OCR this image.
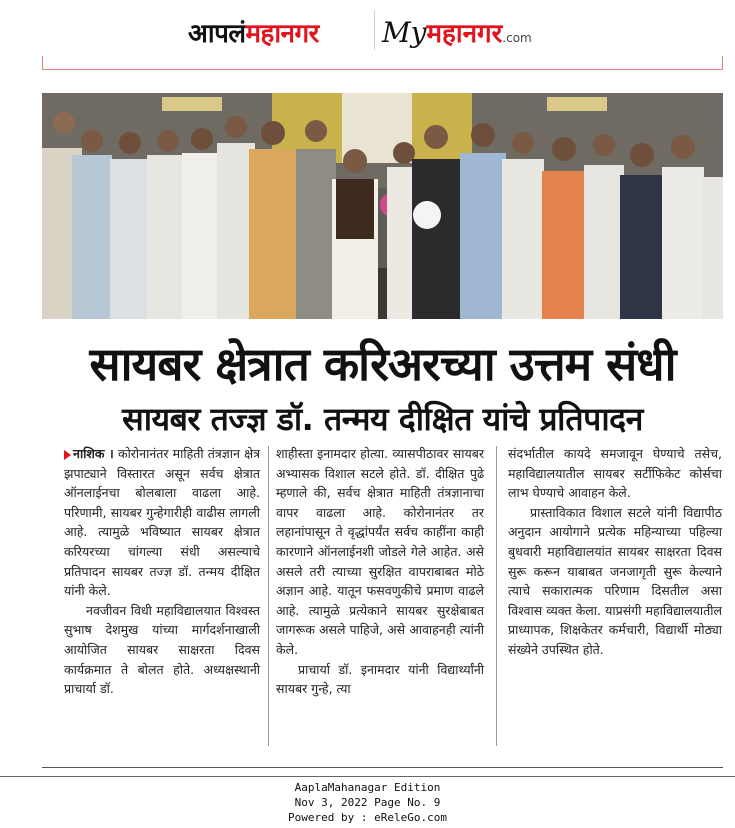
आपलंमहानगर Myमहानगर.com
सायबर क्षेत्रात करिअरच्या उत्तम संधी
सायबर तज्ज्ञ डॉ. तन्मय दीक्षित यांचे प्रतिपादन

नाशिक । कोरोनानंतर माहिती तंत्रज्ञान क्षेत्र झपाट्याने विस्तारत असून सर्वच क्षेत्रात ऑनलाईनचा बोलबाला वाढला आहे. परिणामी, सायबर गुन्हेगारीही वाढीस लागली आहे. त्यामुळे भविष्यात सायबर क्षेत्रात करियरच्या चांगल्या संधी असल्याचे प्रतिपादन सायबर तज्ज्ञ डॉ. तन्मय दीक्षित यांनी केले.

नवजीवन विधी महाविद्यालयात विश्वस्त सुभाष देशमुख यांच्या मार्गदर्शनाखाली आयोजित सायबर साक्षरता दिवस कार्यक्रमात ते बोलत होते. अध्यक्षस्थानी प्राचार्या डॉ.

शाहीस्ता इनामदार होत्या. व्यासपीठावर सायबर अभ्यासक विशाल सटले होते. डॉ. दीक्षित पुढे म्हणाले की, सर्वच क्षेत्रात माहिती तंत्रज्ञानाचा वापर वाढला आहे. कोरोनानंतर तर लहानांपासून ते वृद्धांपर्यंत सर्वच काहींना काही कारणाने ऑनलाईनशी जोडले गेले आहेत. असे असले तरी त्याच्या सुरक्षित वापराबाबत मोठे अज्ञान आहे. यातून फसवणुकीचे प्रमाण वाढले आहे. त्यामुळे प्रत्येकाने सायबर सुरक्षेबाबत जागरूक असले पाहिजे, असे आवाहनही त्यांनी केले.

प्राचार्या डॉ. इनामदार यांनी विद्यार्थ्यांनी सायबर गुन्हे, त्या

संदर्भातील कायदे समजावून घेण्याचे तसेच, महाविद्यालयातील सायबर सर्टीफिकेट कोर्सचा लाभ घेण्याचे आवाहन केले.

प्रास्ताविकात विशाल सटले यांनी विद्यापीठ अनुदान आयोगाने प्रत्येक महिन्याच्या पहिल्या बुधवारी महाविद्यालयांत सायबर साक्षरता दिवस सुरू करून याबाबत जनजागृती सुरू केल्याने त्याचे सकारात्मक परिणाम दिसतील असा विश्वास व्यक्त केला. याप्रसंगी महाविद्यालयातील प्राध्यापक, शिक्षकेतर कर्मचारी, विद्यार्थी मोठ्या संख्येने उपस्थित होते.

AaplaMahanagar Edition
Nov 3, 2022 Page No. 9
Powered by : eReleGo.com
